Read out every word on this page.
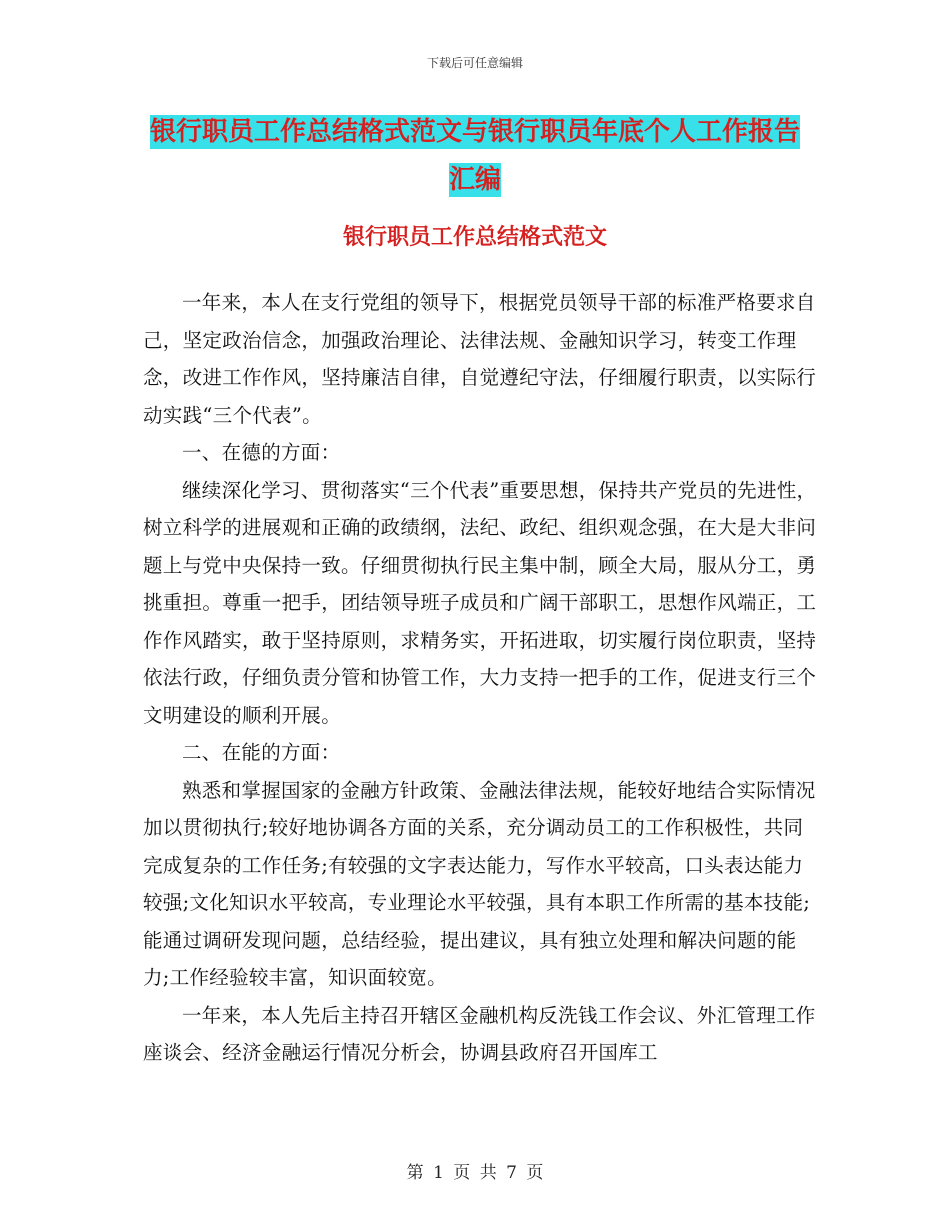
下载后可任意编辑
银行职员工作总结格式范文与银行职员年底个人工作报告汇编
银行职员工作总结格式范文

一年来，本人在支行党组的领导下，根据党员领导干部的标准严格要求自己，坚定政治信念，加强政治理论、法律法规、金融知识学习，转变工作理念，改进工作作风，坚持廉洁自律，自觉遵纪守法，仔细履行职责，以实际行动实践“三个代表”。

一、在德的方面：

继续深化学习、贯彻落实“三个代表”重要思想，保持共产党员的先进性，树立科学的进展观和正确的政绩纲，法纪、政纪、组织观念强，在大是大非问题上与党中央保持一致。仔细贯彻执行民主集中制，顾全大局，服从分工，勇挑重担。尊重一把手，团结领导班子成员和广阔干部职工，思想作风端正，工作作风踏实，敢于坚持原则，求精务实，开拓进取，切实履行岗位职责，坚持依法行政，仔细负责分管和协管工作，大力支持一把手的工作，促进支行三个文明建设的顺利开展。

二、在能的方面：

熟悉和掌握国家的金融方针政策、金融法律法规，能较好地结合实际情况加以贯彻执行;较好地协调各方面的关系，充分调动员工的工作积极性，共同完成复杂的工作任务;有较强的文字表达能力，写作水平较高，口头表达能力较强;文化知识水平较高，专业理论水平较强，具有本职工作所需的基本技能;能通过调研发现问题，总结经验，提出建议，具有独立处理和解决问题的能力;工作经验较丰富，知识面较宽。

一年来，本人先后主持召开辖区金融机构反洗钱工作会议、外汇管理工作座谈会、经济金融运行情况分析会，协调县政府召开国库工

第 1 页 共 7 页
